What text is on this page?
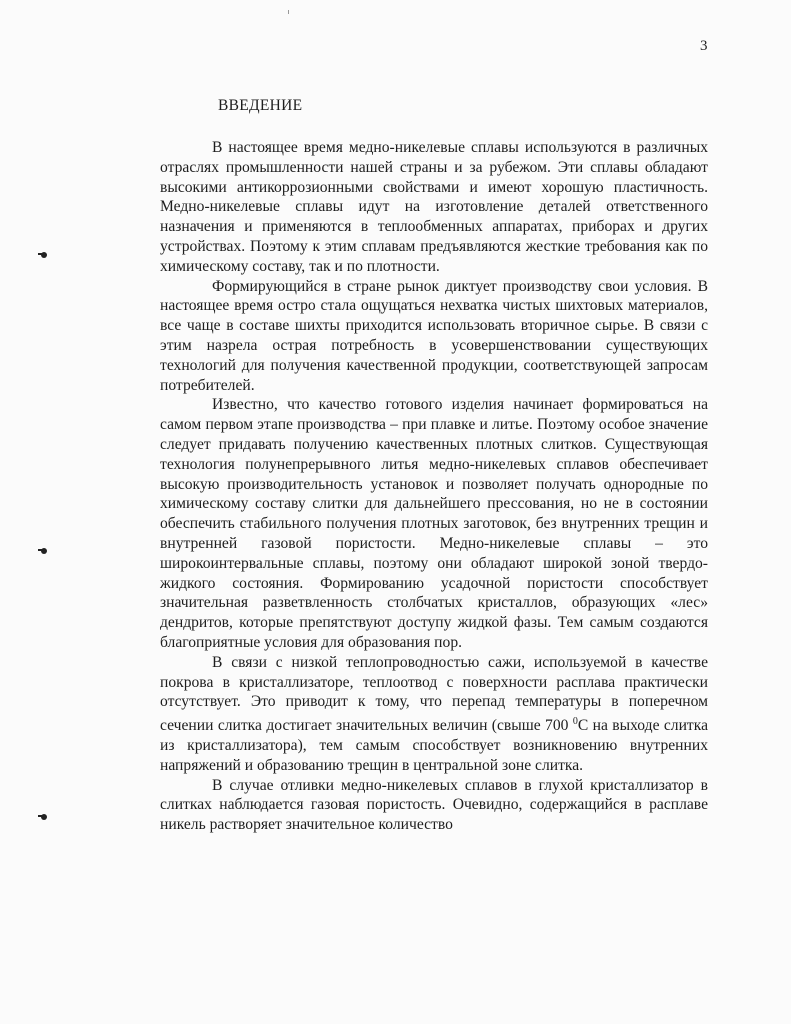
3
ВВЕДЕНИЕ

В настоящее время медно-никелевые сплавы используются в различных отраслях промышленности нашей страны и за рубежом. Эти сплавы обладают высокими антикоррозионными свойствами и имеют хорошую пластичность. Медно-никелевые сплавы идут на изготовление деталей ответственного назначения и применяются в теплообменных аппаратах, приборах и других устройствах. Поэтому к этим сплавам предъявляются жесткие требования как по химическому составу, так и по плотности.

Формирующийся в стране рынок диктует производству свои условия. В настоящее время остро стала ощущаться нехватка чистых шихтовых материалов, все чаще в составе шихты приходится использовать вторичное сырье. В связи с этим назрела острая потребность в усовершенствовании существующих технологий для получения качественной продукции, соответствующей запросам потребителей.

Известно, что качество готового изделия начинает формироваться на самом первом этапе производства – при плавке и литье. Поэтому особое значение следует придавать получению качественных плотных слитков. Существующая технология полунепрерывного литья медно-никелевых сплавов обеспечивает высокую производительность установок и позволяет получать однородные по химическому составу слитки для дальнейшего прессования, но не в состоянии обеспечить стабильного получения плотных заготовок, без внутренних трещин и внутренней газовой пористости. Медно-никелевые сплавы – это широкоинтервальные сплавы, поэтому они обладают широкой зоной твердо-жидкого состояния. Формированию усадочной пористости способствует значительная разветвленность столбчатых кристаллов, образующих «лес» дендритов, которые препятствуют доступу жидкой фазы. Тем самым создаются благоприятные условия для образования пор.

В связи с низкой теплопроводностью сажи, используемой в качестве покрова в кристаллизаторе, теплоотвод с поверхности расплава практически отсутствует. Это приводит к тому, что перепад температуры в поперечном сечении слитка достигает значительных величин (свыше 700 $^0$С на выходе слитка из кристаллизатора), тем самым способствует возникновению внутренних напряжений и образованию трещин в центральной зоне слитка.

В случае отливки медно-никелевых сплавов в глухой кристаллизатор в слитках наблюдается газовая пористость. Очевидно, содержащийся в расплаве никель растворяет значительное количество
